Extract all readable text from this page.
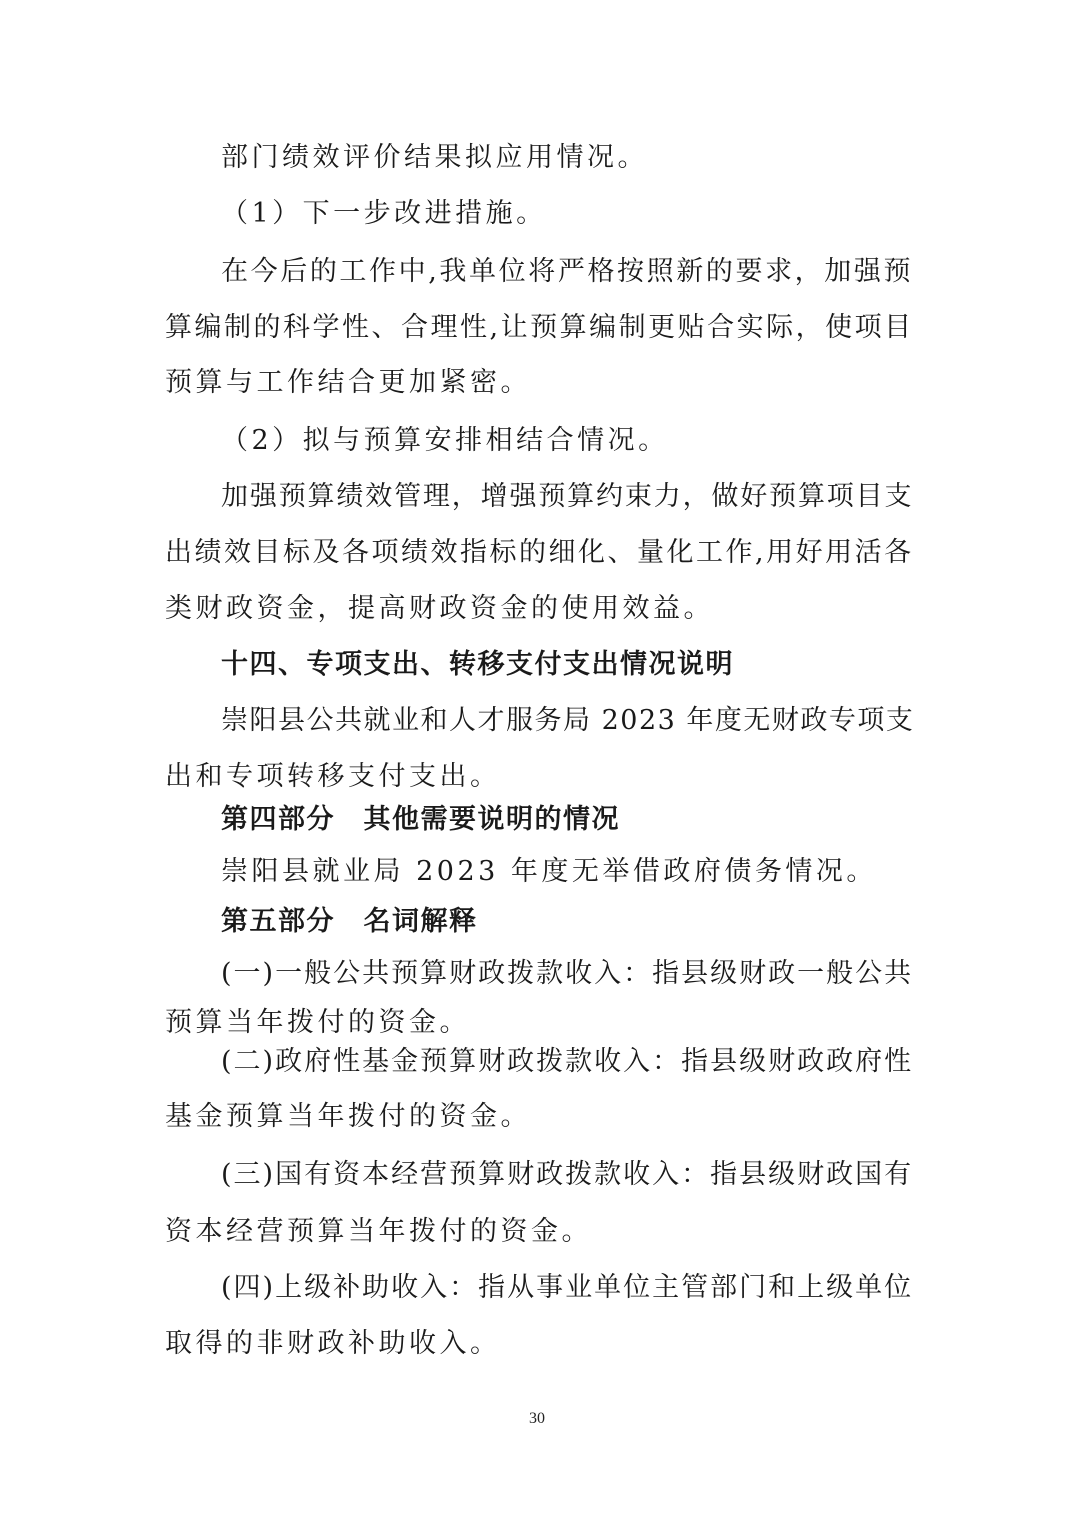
部门绩效评价结果拟应用情况。
（1）下一步改进措施。
在今后的工作中,我单位将严格按照新的要求，加强预
算编制的科学性、合理性,让预算编制更贴合实际，使项目
预算与工作结合更加紧密。
（2）拟与预算安排相结合情况。
加强预算绩效管理，增强预算约束力，做好预算项目支
出绩效目标及各项绩效指标的细化、量化工作,用好用活各
类财政资金，提高财政资金的使用效益。
十四、专项支出、转移支付支出情况说明
崇阳县公共就业和人才服务局 2023 年度无财政专项支
出和专项转移支付支出。
第四部分　其他需要说明的情况
崇阳县就业局 2023 年度无举借政府债务情况。
第五部分　名词解释
(一)一般公共预算财政拨款收入：指县级财政一般公共
预算当年拨付的资金。
(二)政府性基金预算财政拨款收入：指县级财政政府性
基金预算当年拨付的资金。
(三)国有资本经营预算财政拨款收入：指县级财政国有
资本经营预算当年拨付的资金。
(四)上级补助收入：指从事业单位主管部门和上级单位
取得的非财政补助收入。
30
